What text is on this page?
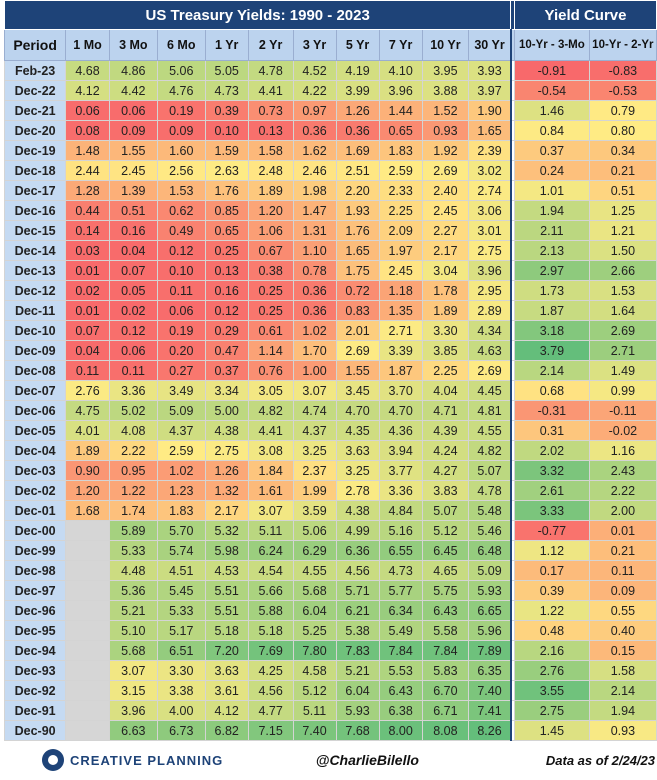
US Treasury Yields: 1990 - 2023												Yield Curve	
Period	1 Mo	3 Mo	6 Mo	1 Yr	2 Yr	3 Yr	5 Yr	7 Yr	10 Yr	30 Yr		10-Yr - 3-Mo	10-Yr - 2-Yr
Feb-23	4.68	4.86	5.06	5.05	4.78	4.52	4.19	4.10	3.95	3.93		-0.91	-0.83
Dec-22	4.12	4.42	4.76	4.73	4.41	4.22	3.99	3.96	3.88	3.97		-0.54	-0.53
Dec-21	0.06	0.06	0.19	0.39	0.73	0.97	1.26	1.44	1.52	1.90		1.46	0.79
Dec-20	0.08	0.09	0.09	0.10	0.13	0.36	0.36	0.65	0.93	1.65		0.84	0.80
Dec-19	1.48	1.55	1.60	1.59	1.58	1.62	1.69	1.83	1.92	2.39		0.37	0.34
Dec-18	2.44	2.45	2.56	2.63	2.48	2.46	2.51	2.59	2.69	3.02		0.24	0.21
Dec-17	1.28	1.39	1.53	1.76	1.89	1.98	2.20	2.33	2.40	2.74		1.01	0.51
Dec-16	0.44	0.51	0.62	0.85	1.20	1.47	1.93	2.25	2.45	3.06		1.94	1.25
Dec-15	0.14	0.16	0.49	0.65	1.06	1.31	1.76	2.09	2.27	3.01		2.11	1.21
Dec-14	0.03	0.04	0.12	0.25	0.67	1.10	1.65	1.97	2.17	2.75		2.13	1.50
Dec-13	0.01	0.07	0.10	0.13	0.38	0.78	1.75	2.45	3.04	3.96		2.97	2.66
Dec-12	0.02	0.05	0.11	0.16	0.25	0.36	0.72	1.18	1.78	2.95		1.73	1.53
Dec-11	0.01	0.02	0.06	0.12	0.25	0.36	0.83	1.35	1.89	2.89		1.87	1.64
Dec-10	0.07	0.12	0.19	0.29	0.61	1.02	2.01	2.71	3.30	4.34		3.18	2.69
Dec-09	0.04	0.06	0.20	0.47	1.14	1.70	2.69	3.39	3.85	4.63		3.79	2.71
Dec-08	0.11	0.11	0.27	0.37	0.76	1.00	1.55	1.87	2.25	2.69		2.14	1.49
Dec-07	2.76	3.36	3.49	3.34	3.05	3.07	3.45	3.70	4.04	4.45		0.68	0.99
Dec-06	4.75	5.02	5.09	5.00	4.82	4.74	4.70	4.70	4.71	4.81		-0.31	-0.11
Dec-05	4.01	4.08	4.37	4.38	4.41	4.37	4.35	4.36	4.39	4.55		0.31	-0.02
Dec-04	1.89	2.22	2.59	2.75	3.08	3.25	3.63	3.94	4.24	4.82		2.02	1.16
Dec-03	0.90	0.95	1.02	1.26	1.84	2.37	3.25	3.77	4.27	5.07		3.32	2.43
Dec-02	1.20	1.22	1.23	1.32	1.61	1.99	2.78	3.36	3.83	4.78		2.61	2.22
Dec-01	1.68	1.74	1.83	2.17	3.07	3.59	4.38	4.84	5.07	5.48		3.33	2.00
Dec-00		5.89	5.70	5.32	5.11	5.06	4.99	5.16	5.12	5.46		-0.77	0.01
Dec-99		5.33	5.74	5.98	6.24	6.29	6.36	6.55	6.45	6.48		1.12	0.21
Dec-98		4.48	4.51	4.53	4.54	4.55	4.56	4.73	4.65	5.09		0.17	0.11
Dec-97		5.36	5.45	5.51	5.66	5.68	5.71	5.77	5.75	5.93		0.39	0.09
Dec-96		5.21	5.33	5.51	5.88	6.04	6.21	6.34	6.43	6.65		1.22	0.55
Dec-95		5.10	5.17	5.18	5.18	5.25	5.38	5.49	5.58	5.96		0.48	0.40
Dec-94		5.68	6.51	7.20	7.69	7.80	7.83	7.84	7.84	7.89		2.16	0.15
Dec-93		3.07	3.30	3.63	4.25	4.58	5.21	5.53	5.83	6.35		2.76	1.58
Dec-92		3.15	3.38	3.61	4.56	5.12	6.04	6.43	6.70	7.40		3.55	2.14
Dec-91		3.96	4.00	4.12	4.77	5.11	5.93	6.38	6.71	7.41		2.75	1.94
Dec-90		6.63	6.73	6.82	7.15	7.40	7.68	8.00	8.08	8.26		1.45	0.93
CREATIVE PLANNING	@CharlieBilello	Data as of 2/24/23
